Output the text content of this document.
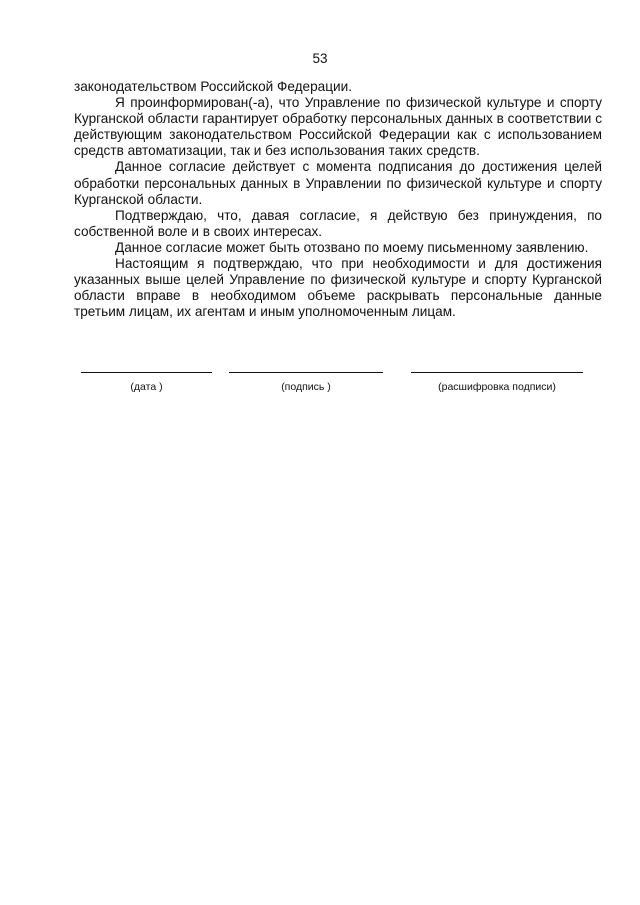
53

законодательством Российской Федерации.

Я проинформирован(-а), что Управление по физической культуре и спорту Курганской области гарантирует обработку персональных данных в соответствии с действующим законодательством Российской Федерации как с использованием средств автоматизации, так и без использования таких средств.

Данное согласие действует с момента подписания до достижения целей обработки персональных данных в Управлении по физической культуре и спорту Курганской области.

Подтверждаю, что, давая согласие, я действую без принуждения, по собственной воле и в своих интересах.

Данное согласие может быть отозвано по моему письменному заявлению.

Настоящим я подтверждаю, что при необходимости и для достижения указанных выше целей Управление по физической культуре и спорту Курганской области вправе в необходимом объеме раскрывать персональные данные третьим лицам, их агентам и иным уполномоченным лицам.

(дата )	(подпись )	(расшифровка подписи)
